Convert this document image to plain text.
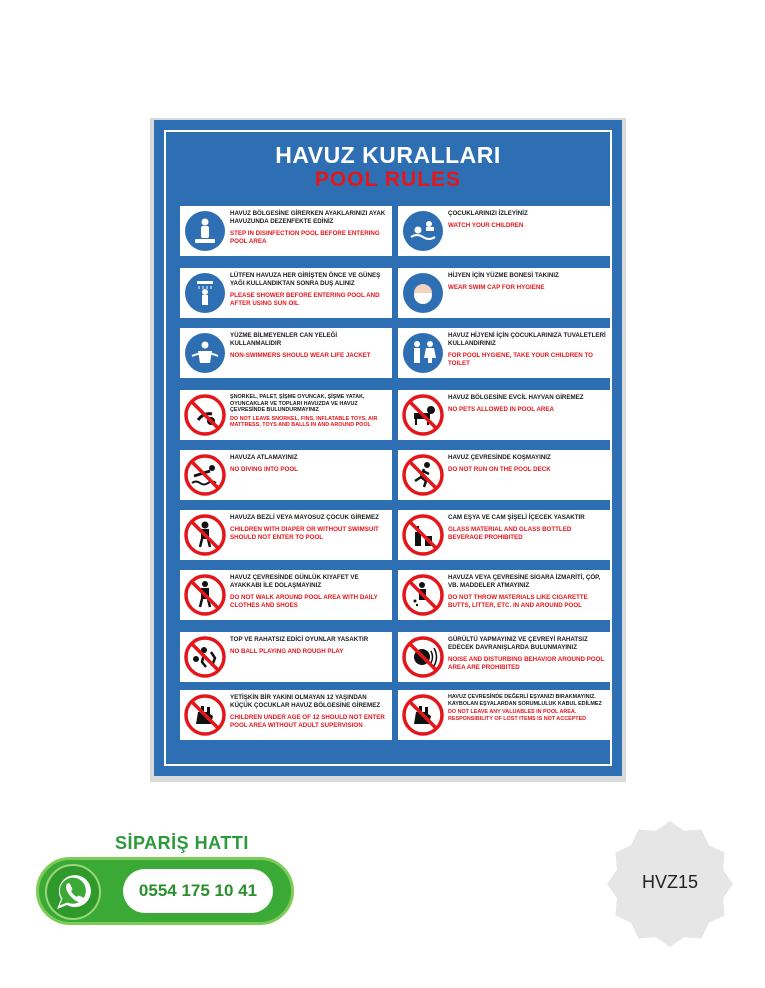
HAVUZ KURALLARI
POOL RULES
HAVUZ BÖLGESİNE GİRERKEN AYAKLARINIZI AYAK HAVUZUNDA DEZENFEKTE EDİNİZ
STEP IN DISINFECTION POOL BEFORE ENTERING POOL AREA
ÇOCUKLARINIZI İZLEYİNİZ
WATCH YOUR CHILDREN
LÜTFEN HAVUZA HER GİRİŞTEN ÖNCE VE GÜNEŞ YAĞI KULLANDIKTAN SONRA DUŞ ALINIZ
PLEASE SHOWER BEFORE ENTERING POOL AND AFTER USING SUN OIL
HİJYEN İÇİN YÜZME BONESİ TAKINIZ
WEAR SWIM CAP FOR HYGIENE
YÜZME BİLMEYENLER CAN YELEĞİ KULLANMALIDIR
NON-SWIMMERS SHOULD WEAR LIFE JACKET
HAVUZ HİJYENİ İÇİN ÇOCUKLARINIZA TUVALETLERİ KULLANDIRINIZ
FOR POOL HYGIENE, TAKE YOUR CHILDREN TO TOILET
ŞNORKEL, PALET, ŞİŞME OYUNCAK, ŞİŞME YATAK, OYUNCAKLAR VE TOPLARI HAVUZDA VE HAVUZ ÇEVRESİNDE BULUNDURMAYINIZ
DO NOT LEAVE SNORKEL, FINS, INFLATABLE TOYS, AIR MATTRESS, TOYS AND BALLS IN AND AROUND POOL
HAVUZ BÖLGESİNE EVCİL HAYVAN GİREMEZ
NO PETS ALLOWED IN POOL AREA
HAVUZA ATLAMAYINIZ
NO DIVING INTO POOL
HAVUZ ÇEVRESİNDE KOŞMAYINIZ
DO NOT RUN ON THE POOL DECK
HAVUZA BEZLİ VEYA MAYOSUZ ÇOCUK GİREMEZ
CHILDREN WITH DIAPER OR WITHOUT SWIMSUIT SHOULD NOT ENTER TO POOL
CAM EŞYA VE CAM ŞİŞELİ İÇECEK YASAKTIR
GLASS MATERIAL AND GLASS BOTTLED BEVERAGE PROHIBITED
HAVUZ ÇEVRESİNDE GÜNLÜK KIYAFET VE AYAKKABI İLE DOLAŞMAYINIZ
DO NOT WALK AROUND POOL AREA WITH DAILY CLOTHES AND SHOES
HAVUZA VEYA ÇEVRESİNE SİGARA İZMARİTİ, ÇÖP, VB. MADDELER ATMAYINIZ
DO NOT THROW MATERIALS LIKE CIGARETTE BUTTS, LITTER, ETC. IN AND AROUND POOL
TOP VE RAHATSIZ EDİCİ OYUNLAR YASAKTIR
NO BALL PLAYING AND ROUGH PLAY
GÜRÜLTÜ YAPMAYINIZ VE ÇEVREYİ RAHATSIZ EDECEK DAVRANIŞLARDA BULUNMAYINIZ
NOISE AND DISTURBING BEHAVIOR AROUND POOL AREA ARE PROHIBITED
YETİŞKİN BİR YAKINI OLMAYAN 12 YAŞINDAN KÜÇÜK ÇOCUKLAR HAVUZ BÖLGESİNE GİREMEZ
CHILDREN UNDER AGE OF 12 SHOULD NOT ENTER POOL AREA WITHOUT ADULT SUPERVISION
HAVUZ ÇEVRESİNDE DEĞERLİ EŞYANIZI BIRAKMAYINIZ. KAYBOLAN EŞYALARDAN SORUMLULUK KABUL EDİLMEZ
DO NOT LEAVE ANY VALUABLES IN POOL AREA. RESPONSIBILITY OF LOST ITEMS IS NOT ACCEPTED
SİPARİŞ HATTI
0554 175 10 41	HVZ15
